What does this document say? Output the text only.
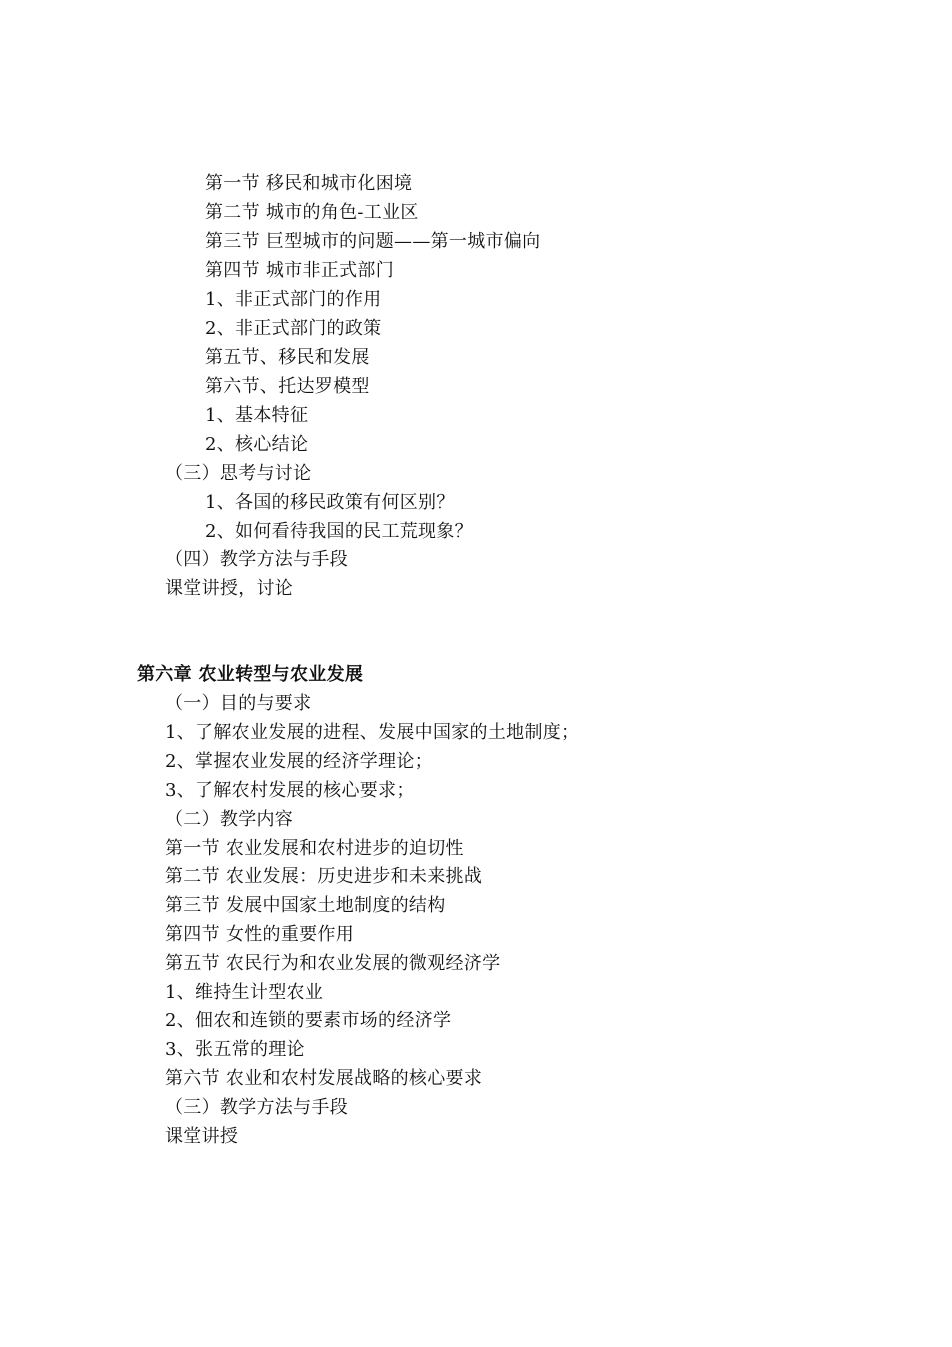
第一节 移民和城市化困境
第二节 城市的角色-工业区
第三节 巨型城市的问题——第一城市偏向
第四节 城市非正式部门
1、非正式部门的作用
2、非正式部门的政策
第五节、移民和发展
第六节、托达罗模型
1、基本特征
2、核心结论
（三）思考与讨论
1、各国的移民政策有何区别？
2、如何看待我国的民工荒现象？
（四）教学方法与手段
课堂讲授，讨论
第六章 农业转型与农业发展
（一）目的与要求
1、了解农业发展的进程、发展中国家的土地制度；
2、掌握农业发展的经济学理论；
3、了解农村发展的核心要求；
（二）教学内容
第一节 农业发展和农村进步的迫切性
第二节 农业发展：历史进步和未来挑战
第三节 发展中国家土地制度的结构
第四节 女性的重要作用
第五节 农民行为和农业发展的微观经济学
1、维持生计型农业
2、佃农和连锁的要素市场的经济学
3、张五常的理论
第六节 农业和农村发展战略的核心要求
（三）教学方法与手段
课堂讲授
